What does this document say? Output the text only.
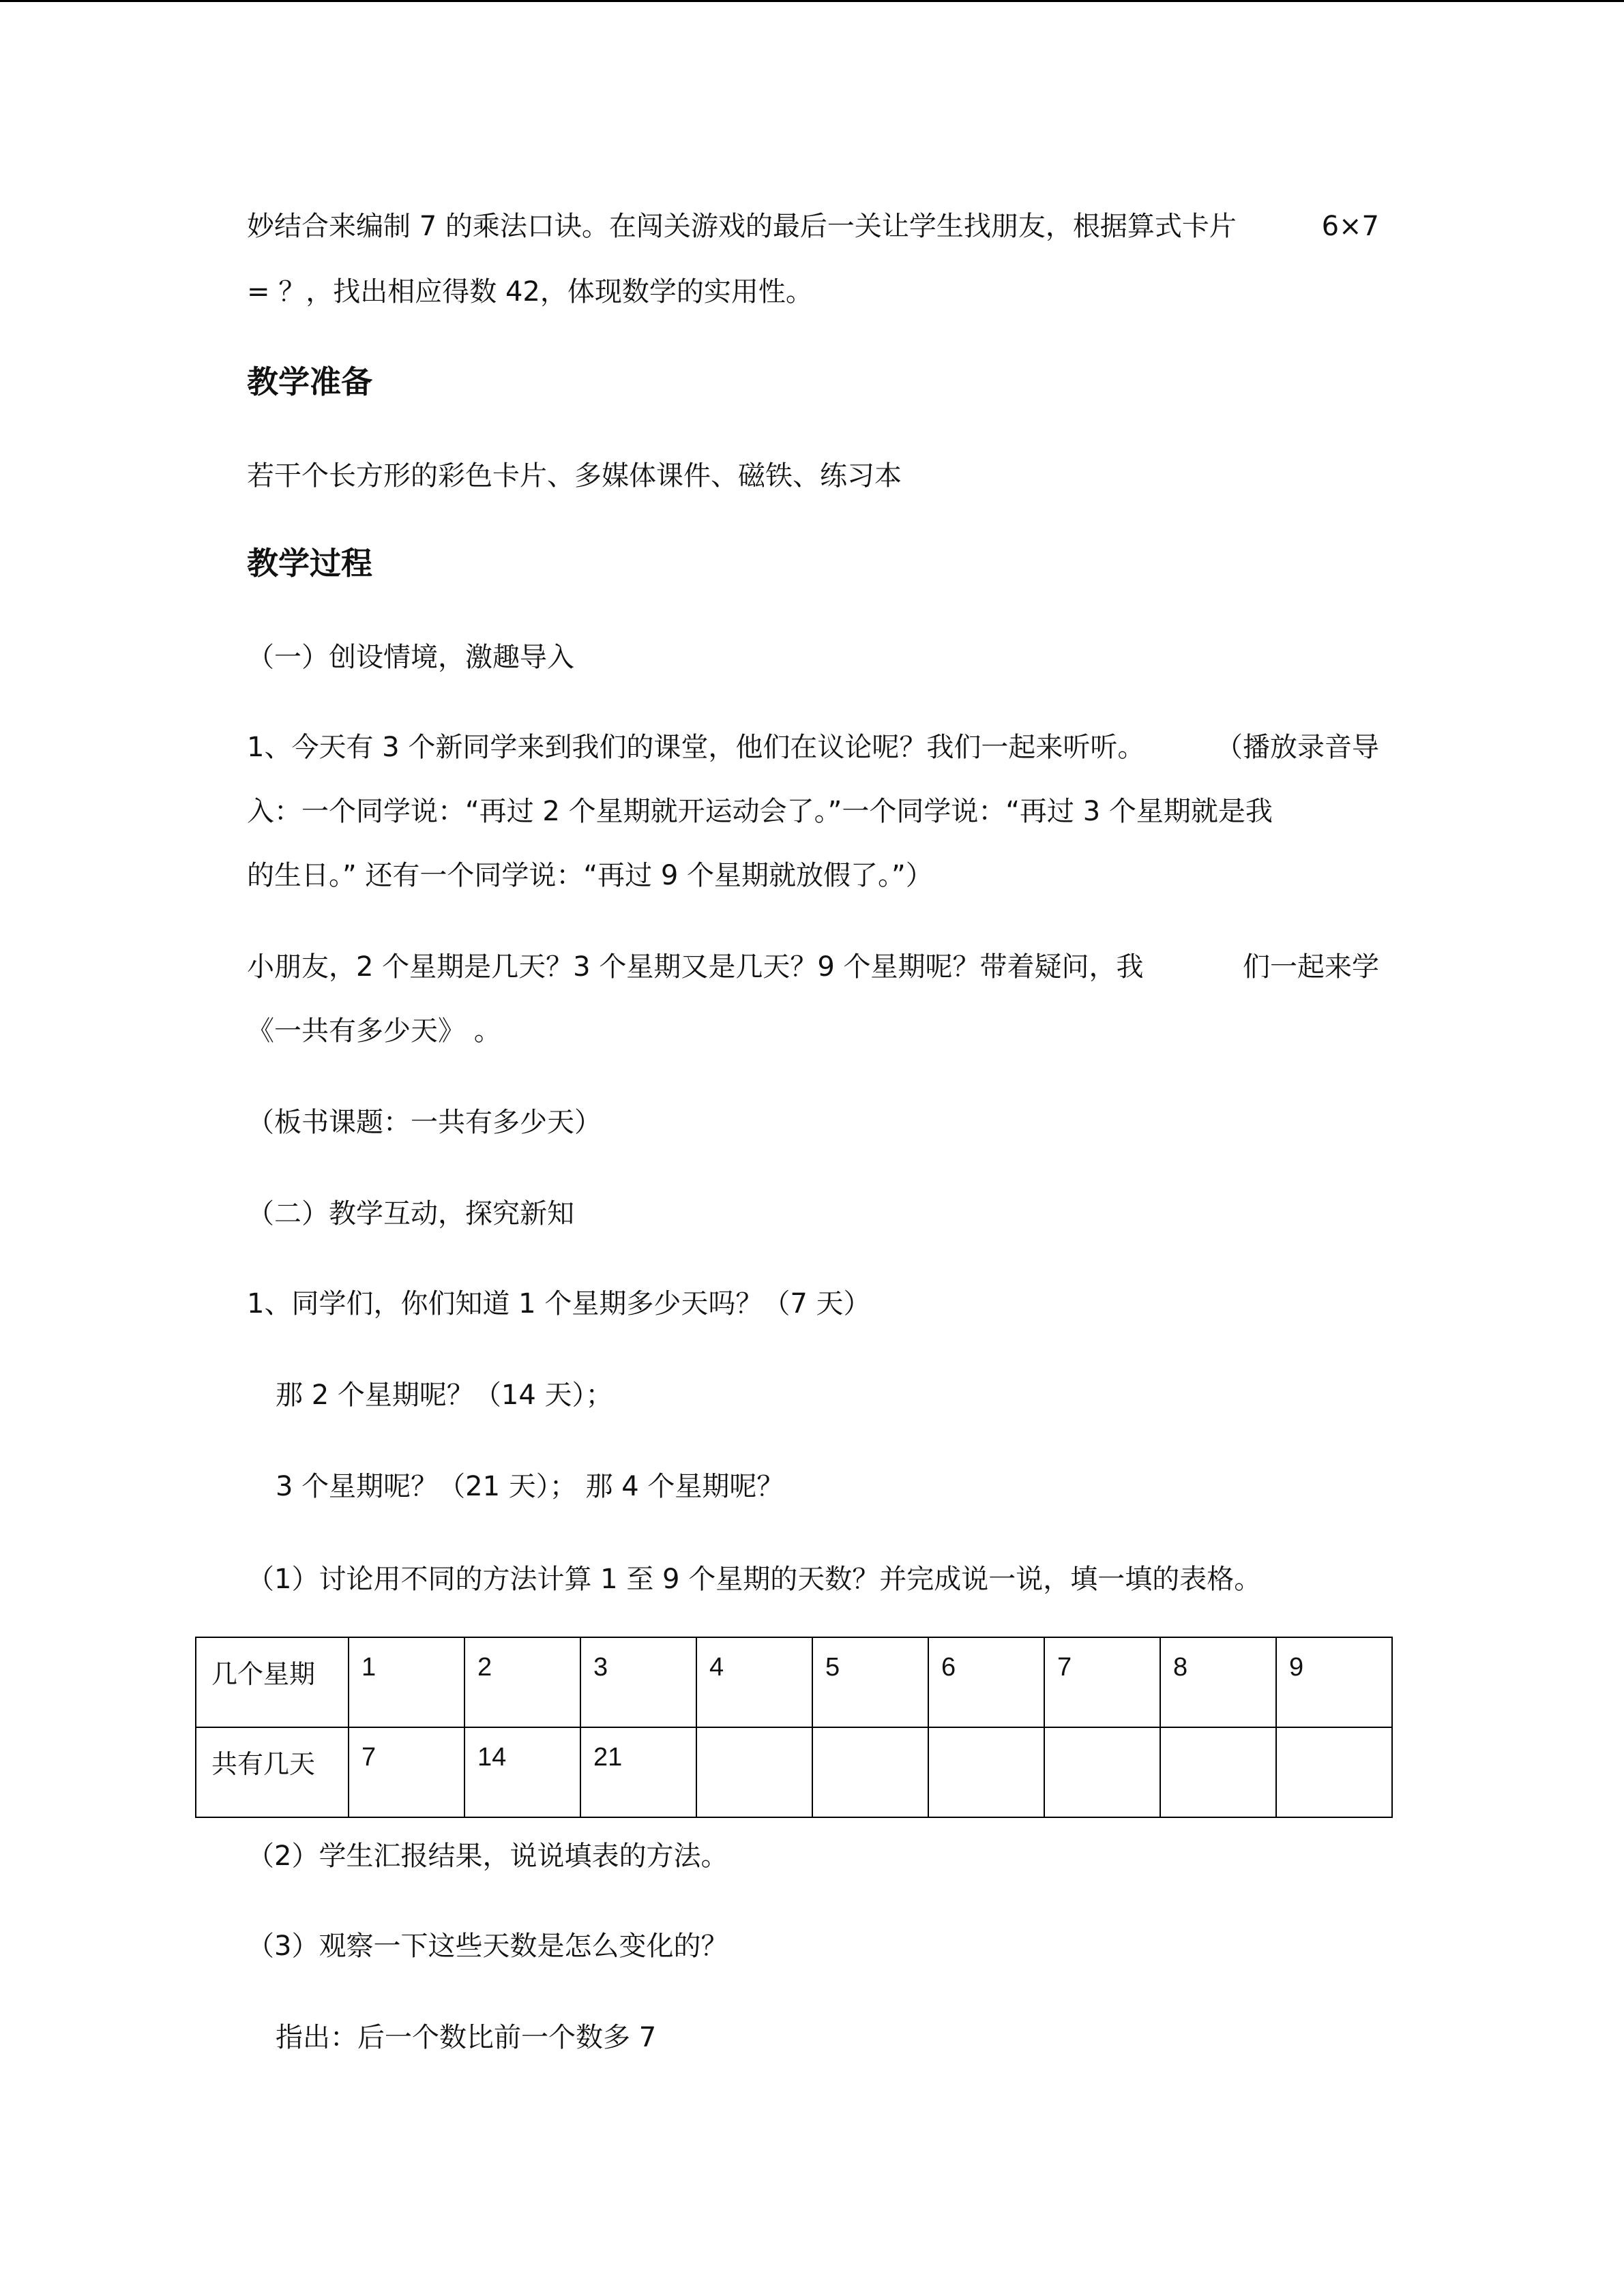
妙结合来编制 7 的乘法口诀。在闯关游戏的最后一关让学生找朋友，根据算式卡片	6×7
= ？，找出相应得数 42，体现数学的实用性。
教学准备
若干个长方形的彩色卡片、多媒体课件、磁铁、练习本
教学过程
（一）创设情境，激趣导入
1、今天有 3 个新同学来到我们的课堂，他们在议论呢？我们一起来听听。	（播放录音导
入：一个同学说：“再过 2 个星期就开运动会了。”一个同学说：“再过 3 个星期就是我
的生日。” 还有一个同学说：“再过 9 个星期就放假了。”）
小朋友，2 个星期是几天？3 个星期又是几天？9 个星期呢？带着疑问，我	们一起来学
《一共有多少天》 。
（板书课题：一共有多少天）
（二）教学互动，探究新知
1、同学们，你们知道 1 个星期多少天吗？（7 天）
那 2 个星期呢？（14 天）；
3 个星期呢？（21 天）； 那 4 个星期呢？
（1）讨论用不同的方法计算 1 至 9 个星期的天数？并完成说一说，填一填的表格。
几个星期	1	2	3	4	5	6	7	8	9
共有几天	7	14	21						
（2）学生汇报结果，说说填表的方法。
（3）观察一下这些天数是怎么变化的？
指出：后一个数比前一个数多 7
